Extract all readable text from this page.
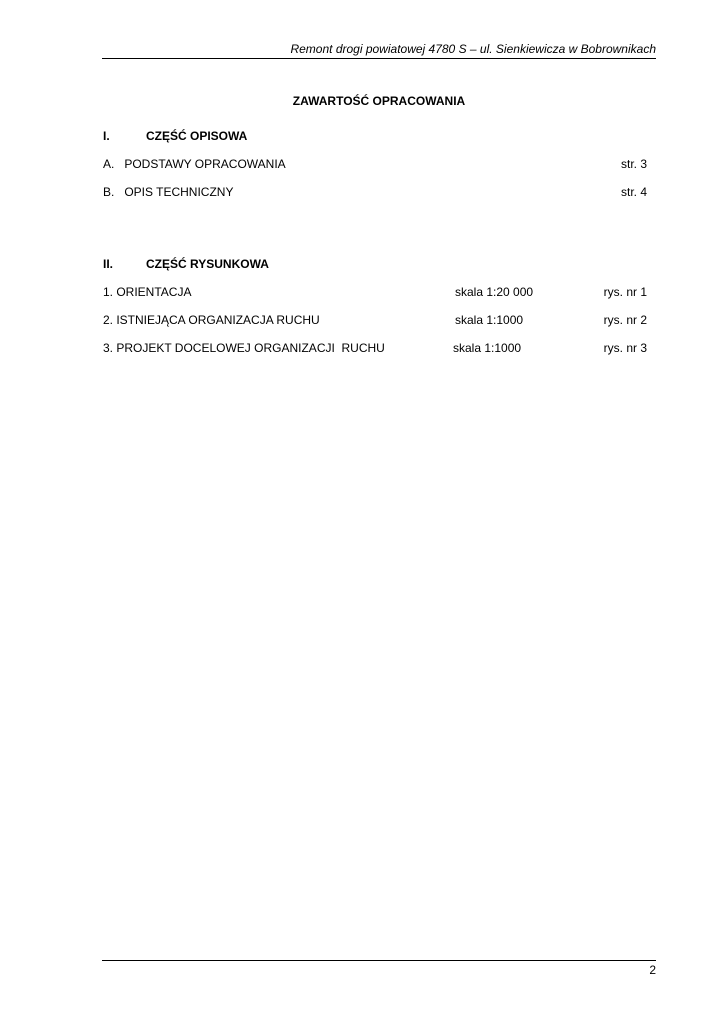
Remont drogi powiatowej 4780 S – ul. Sienkiewicza w Bobrownikach
ZAWARTOŚĆ OPRACOWANIA
I.	CZĘŚĆ OPISOWA
A.   PODSTAWY OPRACOWANIA	str. 3
B.   OPIS TECHNICZNY	str. 4
II.	CZĘŚĆ RYSUNKOWA
1. ORIENTACJA	skala 1:20 000	rys. nr 1
2. ISTNIEJĄCA ORGANIZACJA RUCHU	skala 1:1000	rys. nr 2
3. PROJEKT DOCELOWEJ ORGANIZACJI  RUCHU	skala 1:1000	rys. nr 3
2
